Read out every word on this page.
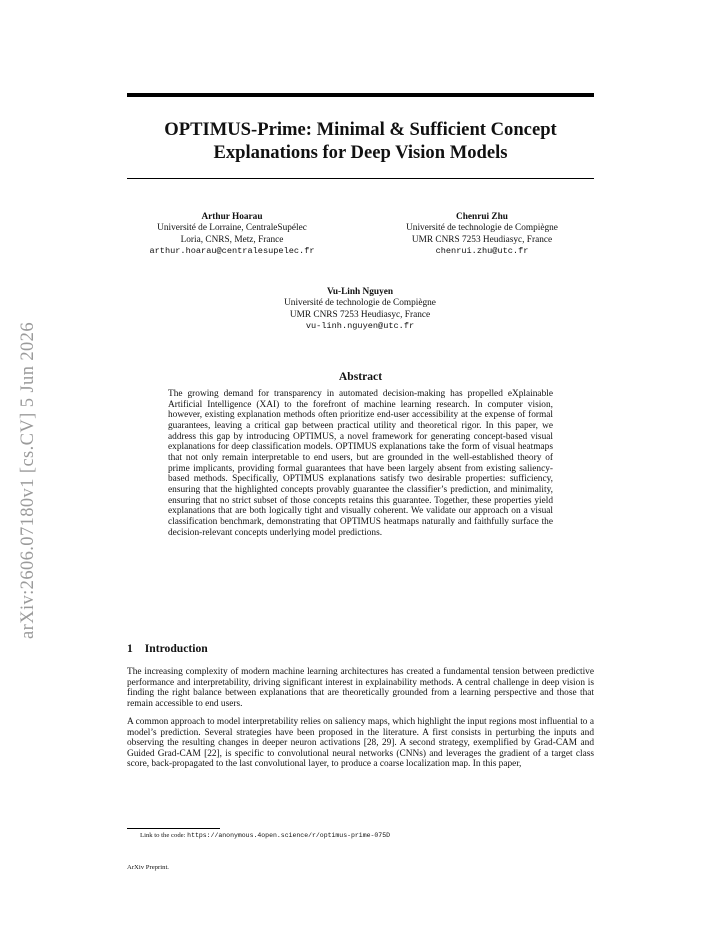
arXiv:2606.07180v1 [cs.CV] 5 Jun 2026
OPTIMUS-Prime: Minimal & Sufficient Concept
Explanations for Deep Vision Models
Arthur Hoarau
Université de Lorraine, CentraleSupélec
Loria, CNRS, Metz, France
arthur.hoarau@centralesupelec.fr
Chenrui Zhu
Université de technologie de Compiègne
UMR CNRS 7253 Heudiasyc, France
chenrui.zhu@utc.fr
Vu-Linh Nguyen
Université de technologie de Compiègne
UMR CNRS 7253 Heudiasyc, France
vu-linh.nguyen@utc.fr
Abstract
The growing demand for transparency in automated decision-making has propelled eXplainable Artificial Intelligence (XAI) to the forefront of machine learning research. In computer vision, however, existing explanation methods often prioritize end-user accessibility at the expense of formal guarantees, leaving a critical gap between practical utility and theoretical rigor. In this paper, we address this gap by introducing OPTIMUS, a novel framework for generating concept-based visual explanations for deep classification models. OPTIMUS explanations take the form of visual heatmaps that not only remain interpretable to end users, but are grounded in the well-established theory of prime implicants, providing formal guarantees that have been largely absent from existing saliency-based methods. Specifically, OPTIMUS explanations satisfy two desirable properties: sufficiency, ensuring that the highlighted concepts provably guarantee the classifier’s prediction, and minimality, ensuring that no strict subset of those concepts retains this guarantee. Together, these properties yield explanations that are both logically tight and visually coherent. We validate our approach on a visual classification benchmark, demonstrating that OPTIMUS heatmaps naturally and faithfully surface the decision-relevant concepts underlying model predictions.
1 Introduction

The increasing complexity of modern machine learning architectures has created a fundamental tension between predictive performance and interpretability, driving significant interest in explainability methods. A central challenge in deep vision is finding the right balance between explanations that are theoretically grounded from a learning perspective and those that remain accessible to end users.

A common approach to model interpretability relies on saliency maps, which highlight the input regions most influential to a model’s prediction. Several strategies have been proposed in the literature. A first consists in perturbing the inputs and observing the resulting changes in deeper neuron activations [28, 29]. A second strategy, exemplified by Grad-CAM and Guided Grad-CAM [22], is specific to convolutional neural networks (CNNs) and leverages the gradient of a target class score, back-propagated to the last convolutional layer, to produce a coarse localization map. In this paper,

Link to the code: https://anonymous.4open.science/r/optimus-prime-075D
ArXiv Preprint.
